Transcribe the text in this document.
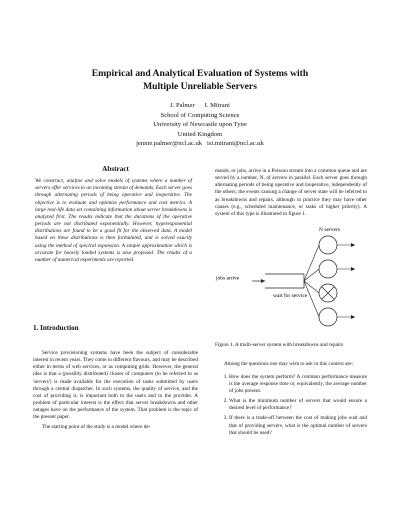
Empirical and Analytical Evaluation of Systems with
Multiple Unreliable Servers
J. Palmer      I. Mitrani
School of Computing Science
University of Newcastle upon Tyne
United Kingdom
jennie.palmer@ncl.ac.uk   isi.mitrani@ncl.ac.uk
Abstract

We construct, analyze and solve models of systems where a number of servers offer services to an incoming stream of demands. Each server goes through alternating periods of being operative and inoperative. The objective is to evaluate and optimize performance and cost metrics. A large real-life data set containing information about server breakdowns is analyzed first. The results indicate that the durations of the operative periods are not distributed exponentially. However, hyperexponential distributions are found to be a good fit for the observed data. A model based on these distributions is then formulated, and is solved exactly using the method of spectral expansion. A simple approximation which is accurate for heavily loaded systems is also proposed. The results of a number of numerical experiments are reported.

1. Introduction

Service provisioning systems have been the subject of considerable interest in recent years. They come in different flavours, and may be described either in terms of web services, or as computing grids. However, the general idea is that a (possibly distributed) cluster of computers (to be referred to as 'servers') is made available for the execution of tasks submitted by users through a central dispatcher. In such systems, the quality of service, and the cost of providing it, is important both to the users and to the provider. A problem of particular interest is the effect that server breakdowns and other outages have on the performance of the system. That problem is the topic of the present paper.

The starting point of the study is a model where de-

mands, or jobs, arrive in a Poisson stream into a common queue and are served by a number, N, of servers in parallel. Each server goes through alternating periods of being operative and inoperative, independently of the others; the events causing a change of server state will be referred to as breakdowns and repairs, although in practice they may have other causes (e.g., scheduled maintenance, or tasks of higher priority). A system of this type is illustrated in figure 1.

N servers
jobs arrive
wait for service

Figure 1. A multi-server system with breakdowns and repairs

Among the questions one may wish to ask in this context are:

1. How does the system perform? A common performance measure is the average response time or, equivalently, the average number of jobs present.
2. What is the minimum number of servers that would ensure a desired level of performance?
3. If there is a trade-off between the cost of making jobs wait and that of providing servers, what is the optimal number of servers that should be used?
